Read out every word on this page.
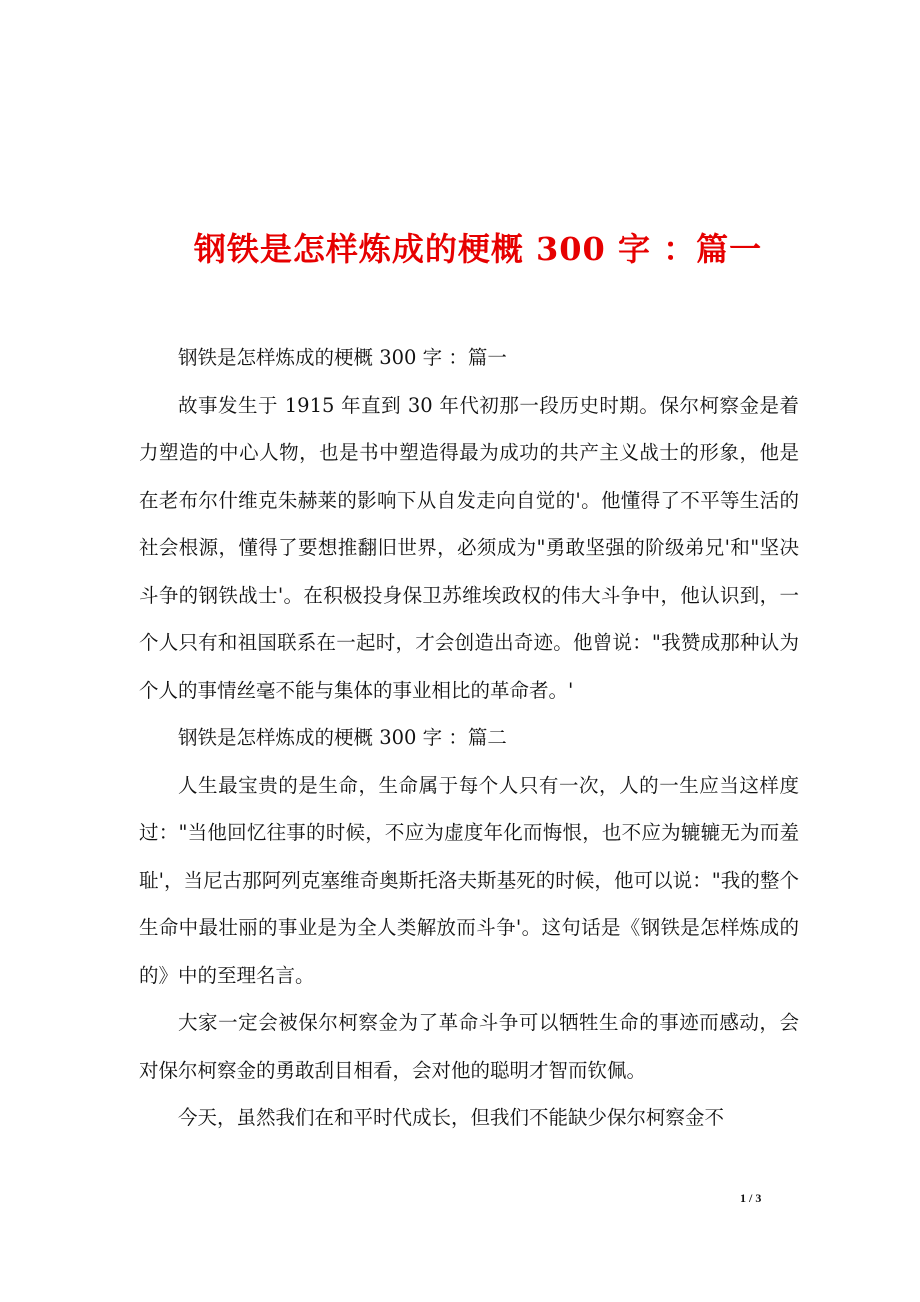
钢铁是怎样炼成的梗概 300 字 ：篇一

钢铁是怎样炼成的梗概 300 字 ：篇一

故事发生于 1915 年直到 30 年代初那一段历史时期。保尔柯察金是着力塑造的中心人物，也是书中塑造得最为成功的共产主义战士的形象，他是在老布尔什维克朱赫莱的影响下从自发走向自觉的'。他懂得了不平等生活的社会根源，懂得了要想推翻旧世界，必须成为"勇敢坚强的阶级弟兄'和"坚决斗争的钢铁战士'。在积极投身保卫苏维埃政权的伟大斗争中，他认识到，一个人只有和祖国联系在一起时，才会创造出奇迹。他曾说："我赞成那种认为个人的事情丝毫不能与集体的事业相比的革命者。'

钢铁是怎样炼成的梗概 300 字 ：篇二

人生最宝贵的是生命，生命属于每个人只有一次，人的一生应当这样度过："当他回忆往事的时候，不应为虚度年化而悔恨，也不应为辘辘无为而羞耻'，当尼古那阿列克塞维奇奥斯托洛夫斯基死的时候，他可以说："我的整个生命中最壮丽的事业是为全人类解放而斗争'。这句话是《钢铁是怎样炼成的的》中的至理名言。

大家一定会被保尔柯察金为了革命斗争可以牺牲生命的事迹而感动，会对保尔柯察金的勇敢刮目相看，会对他的聪明才智而钦佩。

今天，虽然我们在和平时代成长，但我们不能缺少保尔柯察金不

1 / 3
